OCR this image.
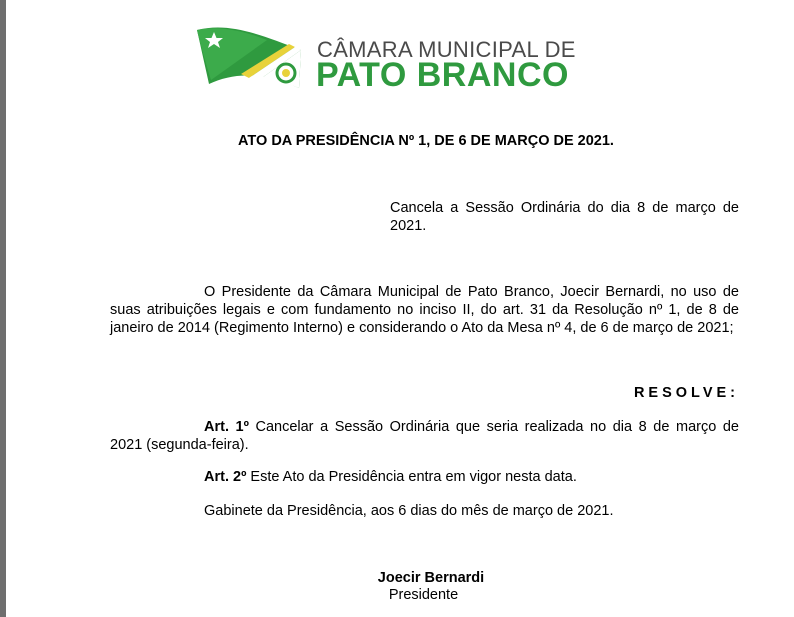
CÂMARA MUNICIPAL DE
PATO BRANCO
ATO DA PRESIDÊNCIA Nº 1, DE 6 DE MARÇO DE 2021.
Cancela a Sessão Ordinária do dia 8 de março de 2021.
O Presidente da Câmara Municipal de Pato Branco, Joecir Bernardi, no uso de suas atribuições legais e com fundamento no inciso II, do art. 31 da Resolução nº 1, de 8 de janeiro de 2014 (Regimento Interno) e considerando o Ato da Mesa nº 4, de 6 de março de 2021;
RESOLVE:
Art. 1º Cancelar a Sessão Ordinária que seria realizada no dia 8 de março de 2021 (segunda-feira).
Art. 2º Este Ato da Presidência entra em vigor nesta data.
Gabinete da Presidência, aos 6 dias do mês de março de 2021.
Joecir Bernardi
Presidente
